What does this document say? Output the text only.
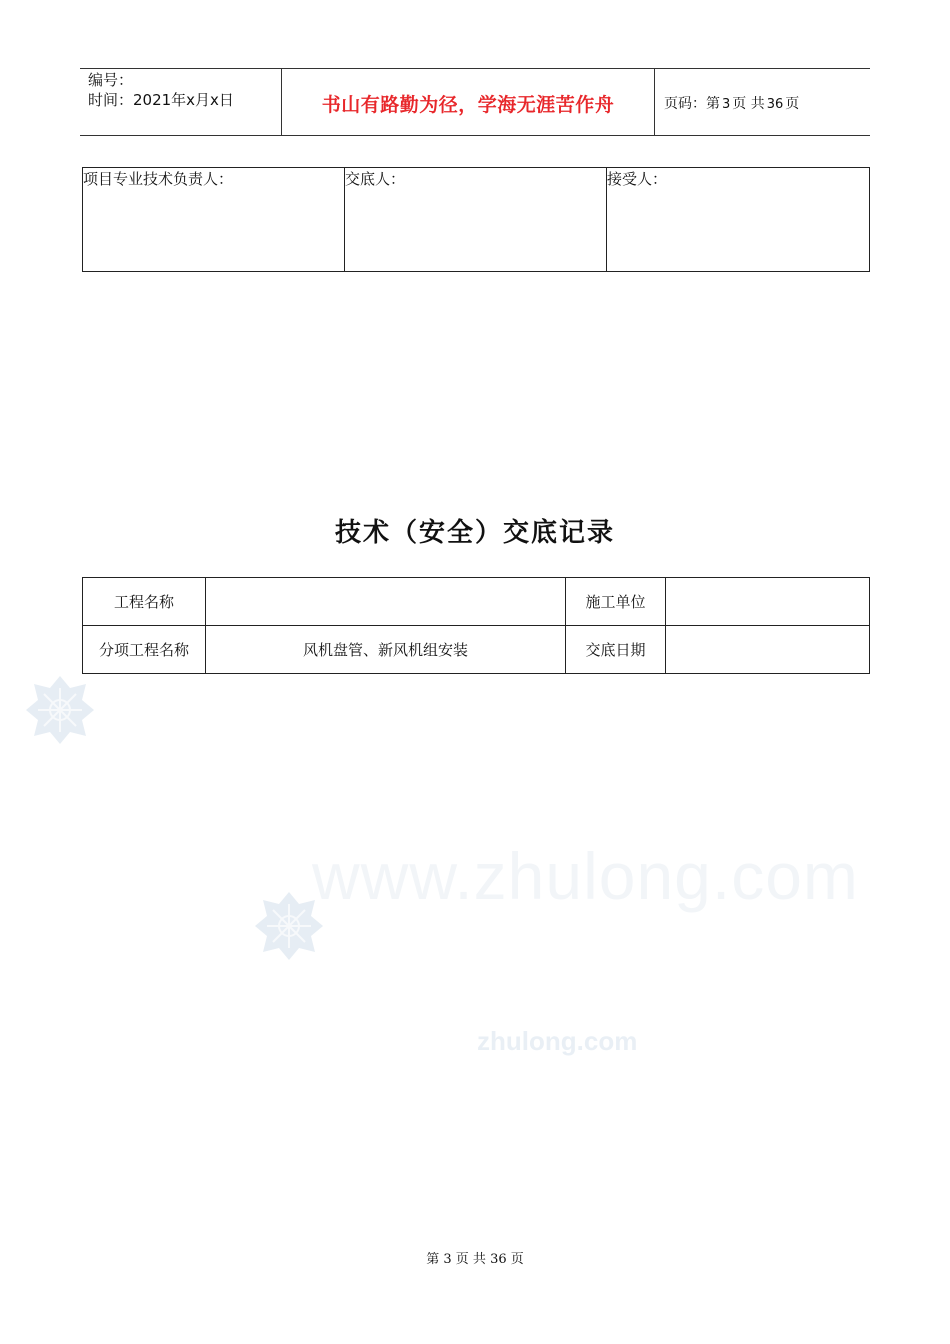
编号：
时间：2021年x月x日	书山有路勤为径，学海无涯苦作舟	页码：第 3 页 共 36 页
项目专业技术负责人：	交底人：	接受人：
技术（安全）交底记录
工程名称		施工单位	
分项工程名称	风机盘管、新风机组安装	交底日期	
www.zhulong.com
zhulong.com
第 3 页 共 36 页
